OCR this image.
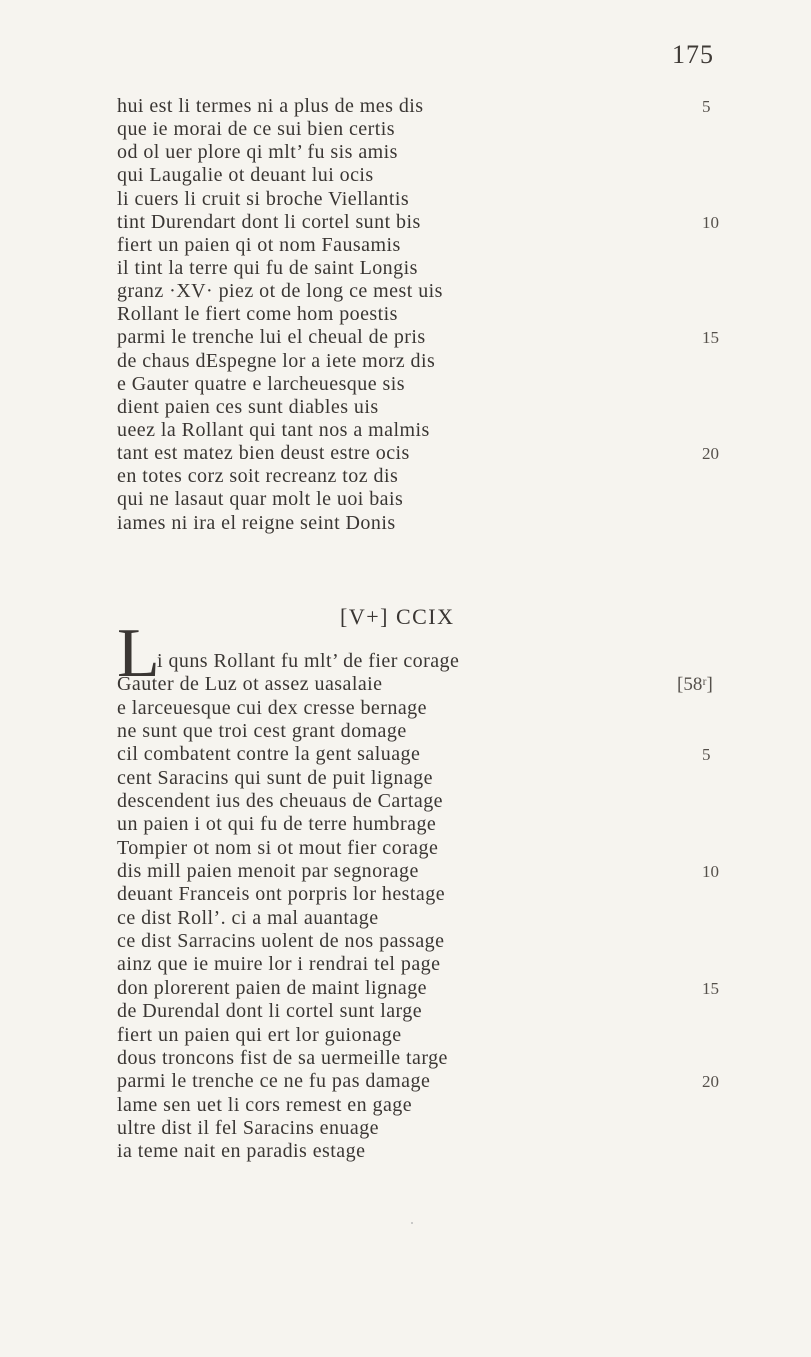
175
hui est li termes ni a plus de mes dis	5
que ie morai de ce sui bien certis
od ol uer plore qi mlt’ fu sis amis
qui Laugalie ot deuant lui ocis
li cuers li cruit si broche Viellantis
tint Durendart dont li cortel sunt bis	10
fiert un paien qi ot nom Fausamis
il tint la terre qui fu de saint Longis
granz ·XV· piez ot de long ce mest uis
Rollant le fiert come hom poestis
parmi le trenche lui el cheual de pris	15
de chaus dEspegne lor a iete morz dis
e Gauter quatre e larcheuesque sis
dient paien ces sunt diables uis
ueez la Rollant qui tant nos a malmis
tant est matez bien deust estre ocis	20
en totes corz soit recreanz toz dis
qui ne lasaut quar molt le uoi bais
iames ni ira el reigne seint Donis
[V+] CCIX
L
i quns Rollant fu mlt’ de fier corage
Gauter de Luz ot assez uasalaie	[58ʳ]
e larceuesque cui dex cresse bernage
ne sunt que troi cest grant domage
cil combatent contre la gent saluage	5
cent Saracins qui sunt de puit lignage
descendent ius des cheuaus de Cartage
un paien i ot qui fu de terre humbrage
Tompier ot nom si ot mout fier corage
dis mill paien menoit par segnorage	10
deuant Franceis ont porpris lor hestage
ce dist Roll’. ci a mal auantage
ce dist Sarracins uolent de nos passage
ainz que ie muire lor i rendrai tel page
don plorerent paien de maint lignage	15
de Durendal dont li cortel sunt large
fiert un paien qui ert lor guionage
dous troncons fist de sa uermeille targe
parmi le trenche ce ne fu pas damage	20
lame sen uet li cors remest en gage
ultre dist il fel Saracins enuage
ia teme nait en paradis estage
